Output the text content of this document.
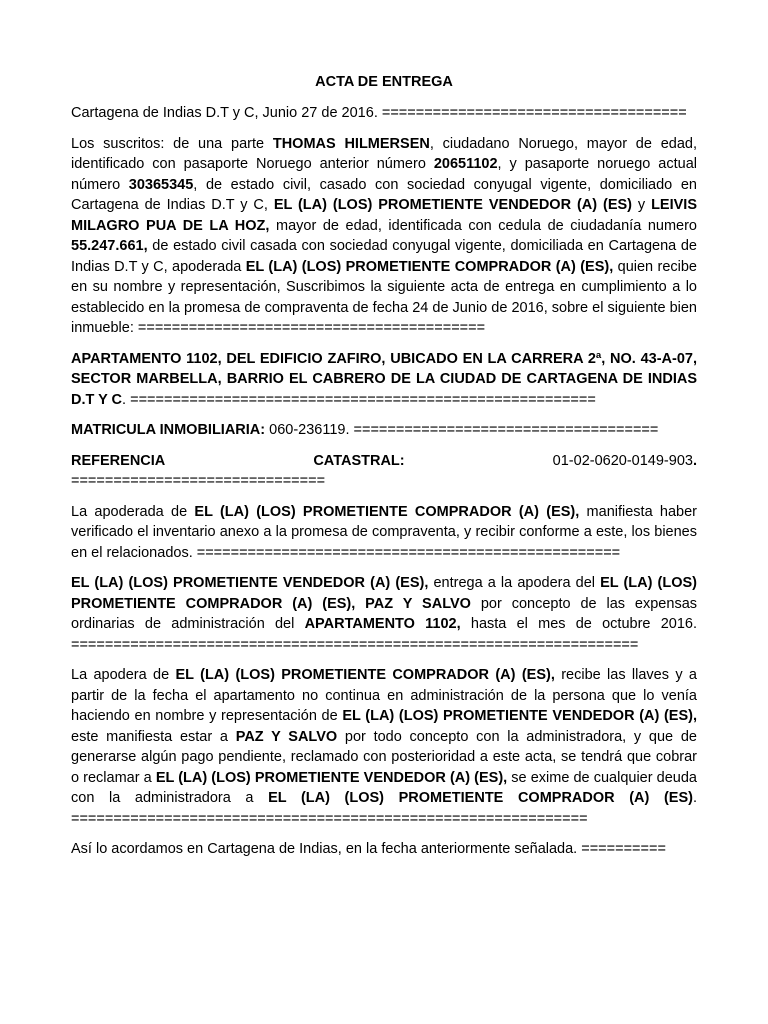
ACTA DE ENTREGA

Cartagena de Indias D.T y C, Junio 27 de 2016. ====================================

Los suscritos: de una parte THOMAS HILMERSEN, ciudadano Noruego, mayor de edad, identificado con pasaporte Noruego anterior número 20651102, y pasaporte noruego actual número 30365345, de estado civil, casado con sociedad conyugal vigente, domiciliado en Cartagena de Indias D.T y C, EL (LA) (LOS) PROMETIENTE VENDEDOR (A) (ES) y LEIVIS MILAGRO PUA DE LA HOZ, mayor de edad, identificada con cedula de ciudadanía numero 55.247.661, de estado civil casada con sociedad conyugal vigente, domiciliada en Cartagena de Indias D.T y C, apoderada EL (LA) (LOS) PROMETIENTE COMPRADOR (A) (ES), quien recibe en su nombre y representación, Suscribimos la siguiente acta de entrega en cumplimiento a lo establecido en la promesa de compraventa de fecha 24 de Junio de 2016, sobre el siguiente bien inmueble: =========================================

APARTAMENTO 1102, DEL EDIFICIO ZAFIRO, UBICADO EN LA CARRERA 2ª, NO. 43-A-07, SECTOR MARBELLA, BARRIO EL CABRERO DE LA CIUDAD DE CARTAGENA DE INDIAS D.T Y C. =======================================================

MATRICULA INMOBILIARIA: 060-236119. ====================================

REFERENCIA	CATASTRAL:	01-02-0620-0149-903.
==============================

La apoderada de EL (LA) (LOS) PROMETIENTE COMPRADOR (A) (ES), manifiesta haber verificado el inventario anexo a la promesa de compraventa, y recibir conforme a este, los bienes en el relacionados. ==================================================

EL (LA) (LOS) PROMETIENTE VENDEDOR (A) (ES), entrega a la apodera del EL (LA) (LOS) PROMETIENTE COMPRADOR (A) (ES), PAZ Y SALVO por concepto de las expensas ordinarias de administración del APARTAMENTO 1102, hasta el mes de octubre 2016. ===================================================================

La apodera de EL (LA) (LOS) PROMETIENTE COMPRADOR (A) (ES), recibe las llaves y a partir de la fecha el apartamento no continua en administración de la persona que lo venía haciendo en nombre y representación de EL (LA) (LOS) PROMETIENTE VENDEDOR (A) (ES), este manifiesta estar a PAZ Y SALVO por todo concepto con la administradora, y que de generarse algún pago pendiente, reclamado con posterioridad a este acta, se tendrá que cobrar o reclamar a EL (LA) (LOS) PROMETIENTE VENDEDOR (A) (ES), se exime de cualquier deuda con la administradora a EL (LA) (LOS) PROMETIENTE COMPRADOR (A) (ES). =============================================================

Así lo acordamos en Cartagena de Indias, en la fecha anteriormente señalada. ==========
